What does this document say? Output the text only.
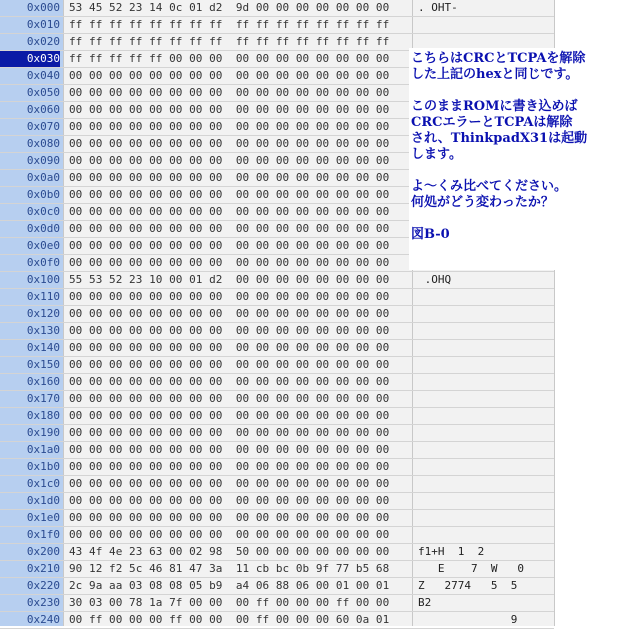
0x000 53 45 52 23 14 0c 01 d2  9d 00 00 00 00 00 00 00	. OHT-
0x010 ff ff ff ff ff ff ff ff  ff ff ff ff ff ff ff ff
0x020 ff ff ff ff ff ff ff ff  ff ff ff ff ff ff ff ff
0x030 ff ff ff ff ff 00 00 00  00 00 00 00 00 00 00 00
0x040 00 00 00 00 00 00 00 00  00 00 00 00 00 00 00 00
0x050 00 00 00 00 00 00 00 00  00 00 00 00 00 00 00 00
0x060 00 00 00 00 00 00 00 00  00 00 00 00 00 00 00 00
0x070 00 00 00 00 00 00 00 00  00 00 00 00 00 00 00 00
0x080 00 00 00 00 00 00 00 00  00 00 00 00 00 00 00 00
0x090 00 00 00 00 00 00 00 00  00 00 00 00 00 00 00 00
0x0a0 00 00 00 00 00 00 00 00  00 00 00 00 00 00 00 00
0x0b0 00 00 00 00 00 00 00 00  00 00 00 00 00 00 00 00
0x0c0 00 00 00 00 00 00 00 00  00 00 00 00 00 00 00 00
0x0d0 00 00 00 00 00 00 00 00  00 00 00 00 00 00 00 00
0x0e0 00 00 00 00 00 00 00 00  00 00 00 00 00 00 00 00
0x0f0 00 00 00 00 00 00 00 00  00 00 00 00 00 00 00 00
0x100 55 53 52 23 10 00 01 d2  00 00 00 00 00 00 00 00	.OHQ
0x110 00 00 00 00 00 00 00 00  00 00 00 00 00 00 00 00
0x120 00 00 00 00 00 00 00 00  00 00 00 00 00 00 00 00
0x130 00 00 00 00 00 00 00 00  00 00 00 00 00 00 00 00
0x140 00 00 00 00 00 00 00 00  00 00 00 00 00 00 00 00
0x150 00 00 00 00 00 00 00 00  00 00 00 00 00 00 00 00
0x160 00 00 00 00 00 00 00 00  00 00 00 00 00 00 00 00
0x170 00 00 00 00 00 00 00 00  00 00 00 00 00 00 00 00
0x180 00 00 00 00 00 00 00 00  00 00 00 00 00 00 00 00
0x190 00 00 00 00 00 00 00 00  00 00 00 00 00 00 00 00
0x1a0 00 00 00 00 00 00 00 00  00 00 00 00 00 00 00 00
0x1b0 00 00 00 00 00 00 00 00  00 00 00 00 00 00 00 00
0x1c0 00 00 00 00 00 00 00 00  00 00 00 00 00 00 00 00
0x1d0 00 00 00 00 00 00 00 00  00 00 00 00 00 00 00 00
0x1e0 00 00 00 00 00 00 00 00  00 00 00 00 00 00 00 00
0x1f0 00 00 00 00 00 00 00 00  00 00 00 00 00 00 00 00
0x200 43 4f 4e 23 63 00 02 98  50 00 00 00 00 00 00 00	f1+H  1  2
0x210 90 12 f2 5c 46 81 47 3a  11 cb bc 0b 9f 77 b5 68	E    7  W   0
0x220 2c 9a aa 03 08 08 05 b9  a4 06 88 06 00 01 00 01	Z   2774   5  5
0x230 30 03 00 78 1a 7f 00 00  00 ff 00 00 00 ff 00 00	B2
0x240 00 ff 00 00 00 ff 00 00  00 ff 00 00 00 60 0a 01	9
こちらはCRCとTCPAを解除
した上記のhexと同じです。
このままROMに書き込めば
CRCエラーとTCPAは解除
され、ThinkpadX31は起動
します。
よ～くみ比べてください。
何処がどう変わったか？
図B-0
